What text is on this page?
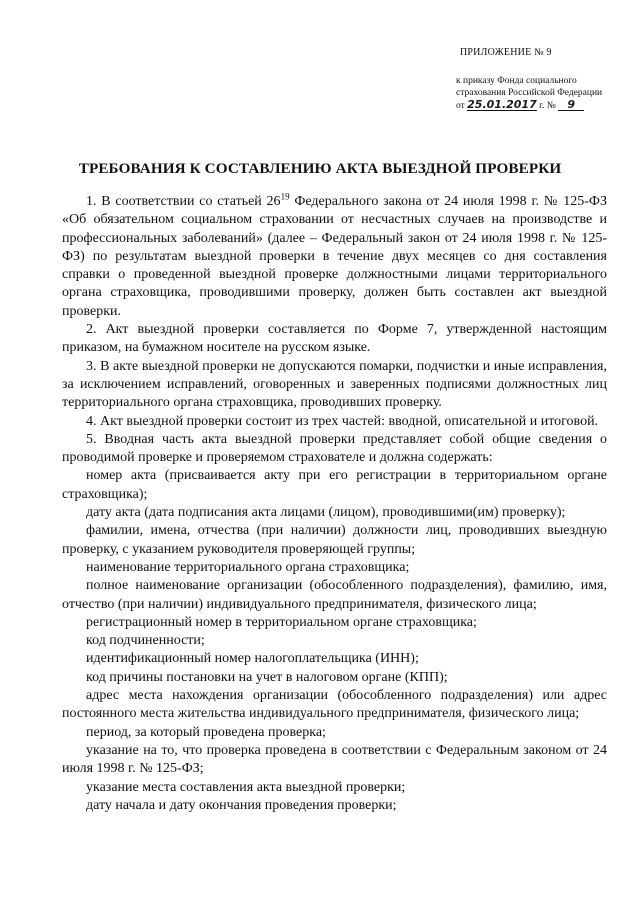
ПРИЛОЖЕНИЕ № 9
к приказу Фонда социального
страхования Российской Федерации
от 25.01.2017 г. № 9
ТРЕБОВАНИЯ К СОСТАВЛЕНИЮ АКТА ВЫЕЗДНОЙ ПРОВЕРКИ

1. В соответствии со статьей $26^{19}$ Федерального закона от 24 июля 1998 г. № 125-ФЗ «Об обязательном социальном страховании от несчастных случаев на производстве и профессиональных заболеваний» (далее – Федеральный закон от 24 июля 1998 г. № 125-ФЗ) по результатам выездной проверки в течение двух месяцев со дня составления справки о проведенной выездной проверке должностными лицами территориального органа страховщика, проводившими проверку, должен быть составлен акт выездной проверки.

2. Акт выездной проверки составляется по Форме 7, утвержденной настоящим приказом, на бумажном носителе на русском языке.

3. В акте выездной проверки не допускаются помарки, подчистки и иные исправления, за исключением исправлений, оговоренных и заверенных подписями должностных лиц территориального органа страховщика, проводивших проверку.

4. Акт выездной проверки состоит из трех частей: вводной, описательной и итоговой.

5. Вводная часть акта выездной проверки представляет собой общие сведения о проводимой проверке и проверяемом страхователе и должна содержать:

номер акта (присваивается акту при его регистрации в территориальном органе страховщика);

дату акта (дата подписания акта лицами (лицом), проводившими(им) проверку);

фамилии, имена, отчества (при наличии) должности лиц, проводивших выездную проверку, с указанием руководителя проверяющей группы;

наименование территориального органа страховщика;

полное наименование организации (обособленного подразделения), фамилию, имя, отчество (при наличии) индивидуального предпринимателя, физического лица;

регистрационный номер в территориальном органе страховщика;

код подчиненности;

идентификационный номер налогоплательщика (ИНН);

код причины постановки на учет в налоговом органе (КПП);

адрес места нахождения организации (обособленного подразделения) или адрес постоянного места жительства индивидуального предпринимателя, физического лица;

период, за который проведена проверка;

указание на то, что проверка проведена в соответствии с Федеральным законом от 24 июля 1998 г. № 125-ФЗ;

указание места составления акта выездной проверки;

дату начала и дату окончания проведения проверки;
